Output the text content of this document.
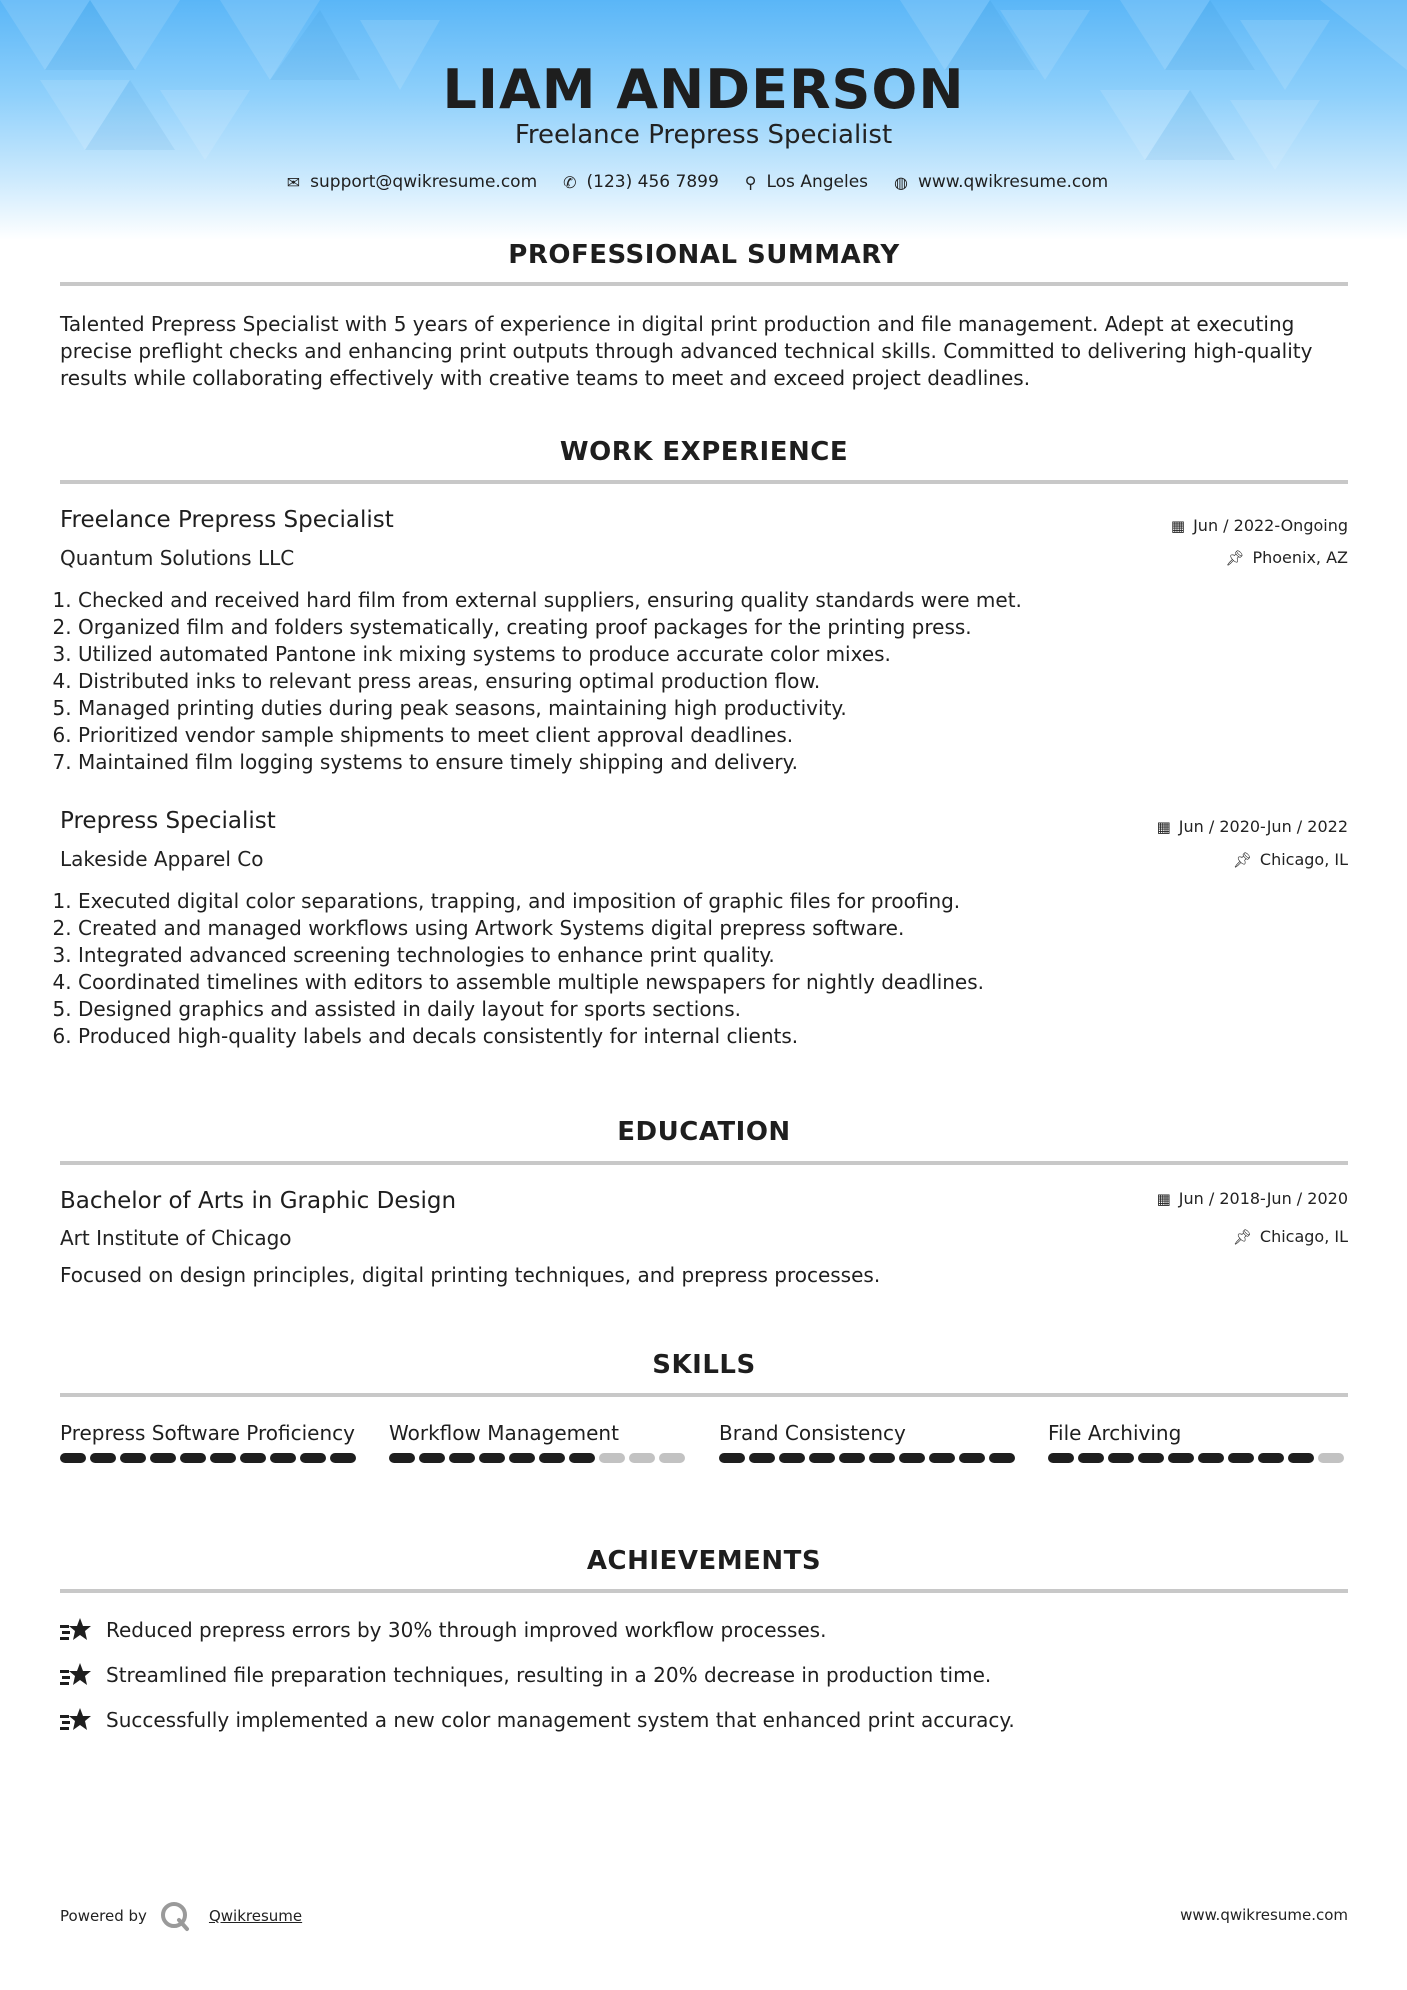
LIAM ANDERSON
Freelance Prepress Specialist
✉ support@qwikresume.com ✆ (123) 456 7899 ⚲ Los Angeles ◍ www.qwikresume.com
PROFESSIONAL SUMMARY
Talented Prepress Specialist with 5 years of experience in digital print production and file management. Adept at executing precise preflight checks and enhancing print outputs through advanced technical skills. Committed to delivering high-quality results while collaborating effectively with creative teams to meet and exceed project deadlines.
WORK EXPERIENCE
Freelance Prepress Specialist
Quantum Solutions LLC
▦ Jun / 2022-Ongoing
📌︎ Phoenix, AZ
1. Checked and received hard film from external suppliers, ensuring quality standards were met.
2. Organized film and folders systematically, creating proof packages for the printing press.
3. Utilized automated Pantone ink mixing systems to produce accurate color mixes.
4. Distributed inks to relevant press areas, ensuring optimal production flow.
5. Managed printing duties during peak seasons, maintaining high productivity.
6. Prioritized vendor sample shipments to meet client approval deadlines.
7. Maintained film logging systems to ensure timely shipping and delivery.
Prepress Specialist
Lakeside Apparel Co
▦ Jun / 2020-Jun / 2022
📌︎ Chicago, IL
1. Executed digital color separations, trapping, and imposition of graphic files for proofing.
2. Created and managed workflows using Artwork Systems digital prepress software.
3. Integrated advanced screening technologies to enhance print quality.
4. Coordinated timelines with editors to assemble multiple newspapers for nightly deadlines.
5. Designed graphics and assisted in daily layout for sports sections.
6. Produced high-quality labels and decals consistently for internal clients.
EDUCATION
Bachelor of Arts in Graphic Design
Art Institute of Chicago
▦ Jun / 2018-Jun / 2020
📌︎ Chicago, IL
Focused on design principles, digital printing techniques, and prepress processes.
SKILLS
Prepress Software Proficiency Workflow Management	Brand Consistency	File Archiving
ACHIEVEMENTS
Reduced prepress errors by 30% through improved workflow processes.
Streamlined file preparation techniques, resulting in a 20% decrease in production time.
Successfully implemented a new color management system that enhanced print accuracy.
Powered by	Qwikresume	www.qwikresume.com
